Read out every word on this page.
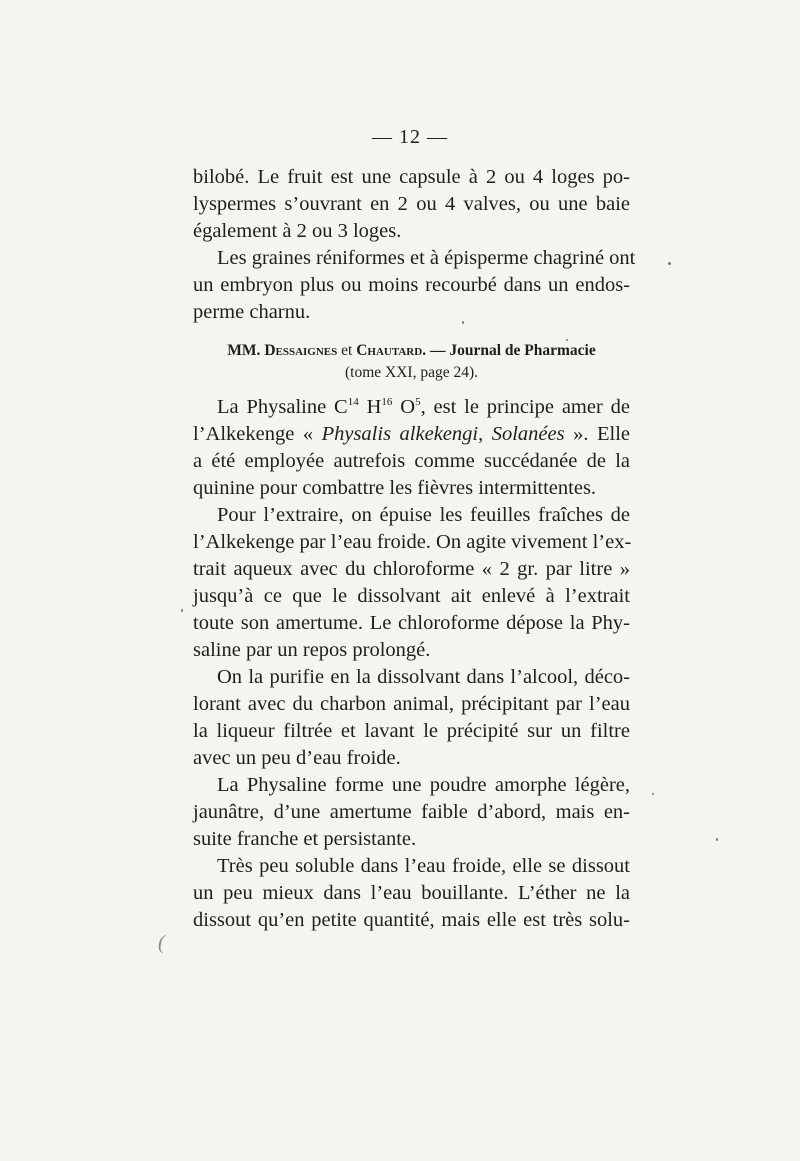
— 12 —
(

bilobé. Le fruit est une capsule à 2 ou 4 loges po-
lyspermes s’ouvrant en 2 ou 4 valves, ou une baie
également à 2 ou 3 loges.

Les graines réniformes et à épisperme chagriné ont
un embryon plus ou moins recourbé dans un endos-
perme charnu.

MM. Dessaignes et Chautard. — Journal de Pharmacie
(tome XXI, page 24).

La Physaline $C^{14}$ $H^{16}$ $O^5$, est le principe amer de
l’Alkekenge « Physalis alkekengi, Solanées ». Elle
a été employée autrefois comme succédanée de la
quinine pour combattre les fièvres intermittentes.

Pour l’extraire, on épuise les feuilles fraîches de
l’Alkekenge par l’eau froide. On agite vivement l’ex-
trait aqueux avec du chloroforme « 2 gr. par litre »
jusqu’à ce que le dissolvant ait enlevé à l’extrait
toute son amertume. Le chloroforme dépose la Phy-
saline par un repos prolongé.

On la purifie en la dissolvant dans l’alcool, déco-
lorant avec du charbon animal, précipitant par l’eau
la liqueur filtrée et lavant le précipité sur un filtre
avec un peu d’eau froide.

La Physaline forme une poudre amorphe légère,
jaunâtre, d’une amertume faible d’abord, mais en-
suite franche et persistante.

Très peu soluble dans l’eau froide, elle se dissout
un peu mieux dans l’eau bouillante. L’éther ne la
dissout qu’en petite quantité, mais elle est très solu-
